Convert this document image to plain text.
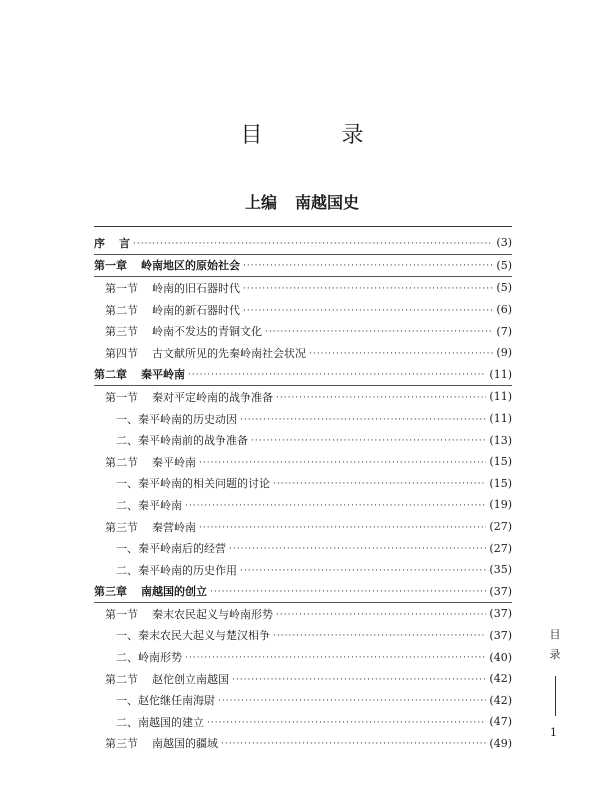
目 录
上编 南越国史
序 言 ·····	(3)
第一章 岭南地区的原始社会 ·····	(5)
第一节 岭南的旧石器时代 ·····	(5)
第二节 岭南的新石器时代 ·····	(6)
第三节 岭南不发达的青铜文化 ·····	(7)
第四节 古文献所见的先秦岭南社会状况 ·····	(9)
第二章 秦平岭南 ·····	(11)
第一节 秦对平定岭南的战争准备 ·····	(11)
一、秦平岭南的历史动因 ·····	(11)
二、秦平岭南前的战争准备 ·····	(13)
第二节 秦平岭南 ·····	(15)
一、秦平岭南的相关问题的讨论 ·····	(15)
二、秦平岭南 ·····	(19)
第三节 秦营岭南 ·····	(27)
一、秦平岭南后的经营 ·····	(27)
二、秦平岭南的历史作用 ·····	(35)
第三章 南越国的创立 ·····	(37)
第一节 秦末农民起义与岭南形势 ·····	(37)
一、秦末农民大起义与楚汉相争 ·····	(37)
二、岭南形势 ·····	(40)
第二节 赵佗创立南越国 ·····	(42)
一、赵佗继任南海尉 ·····	(42)
二、南越国的建立 ·····	(47)
第三节 南越国的疆域 ·····	(49)
目
录
1
